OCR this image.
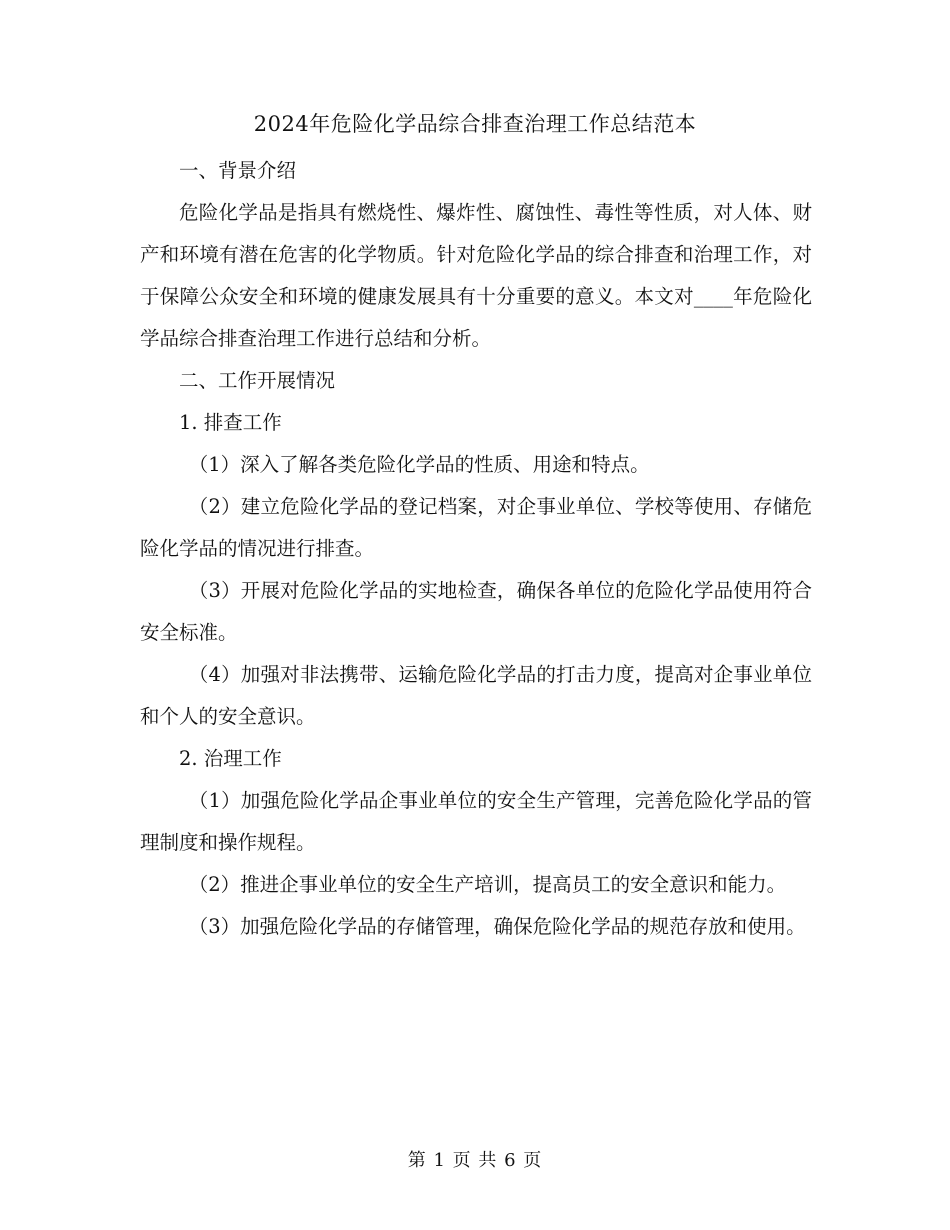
2024年危险化学品综合排查治理工作总结范本

一、背景介绍

危险化学品是指具有燃烧性、爆炸性、腐蚀性、毒性等性质，对人体、财产和环境有潜在危害的化学物质。针对危险化学品的综合排查和治理工作，对于保障公众安全和环境的健康发展具有十分重要的意义。本文对____年危险化学品综合排查治理工作进行总结和分析。

二、工作开展情况

1. 排查工作

（1）深入了解各类危险化学品的性质、用途和特点。

（2）建立危险化学品的登记档案，对企事业单位、学校等使用、存储危险化学品的情况进行排查。

（3）开展对危险化学品的实地检查，确保各单位的危险化学品使用符合安全标准。

（4）加强对非法携带、运输危险化学品的打击力度，提高对企事业单位和个人的安全意识。

2. 治理工作

（1）加强危险化学品企事业单位的安全生产管理，完善危险化学品的管理制度和操作规程。

（2）推进企事业单位的安全生产培训，提高员工的安全意识和能力。

（3）加强危险化学品的存储管理，确保危险化学品的规范存放和使用。

第 1 页 共 6 页
